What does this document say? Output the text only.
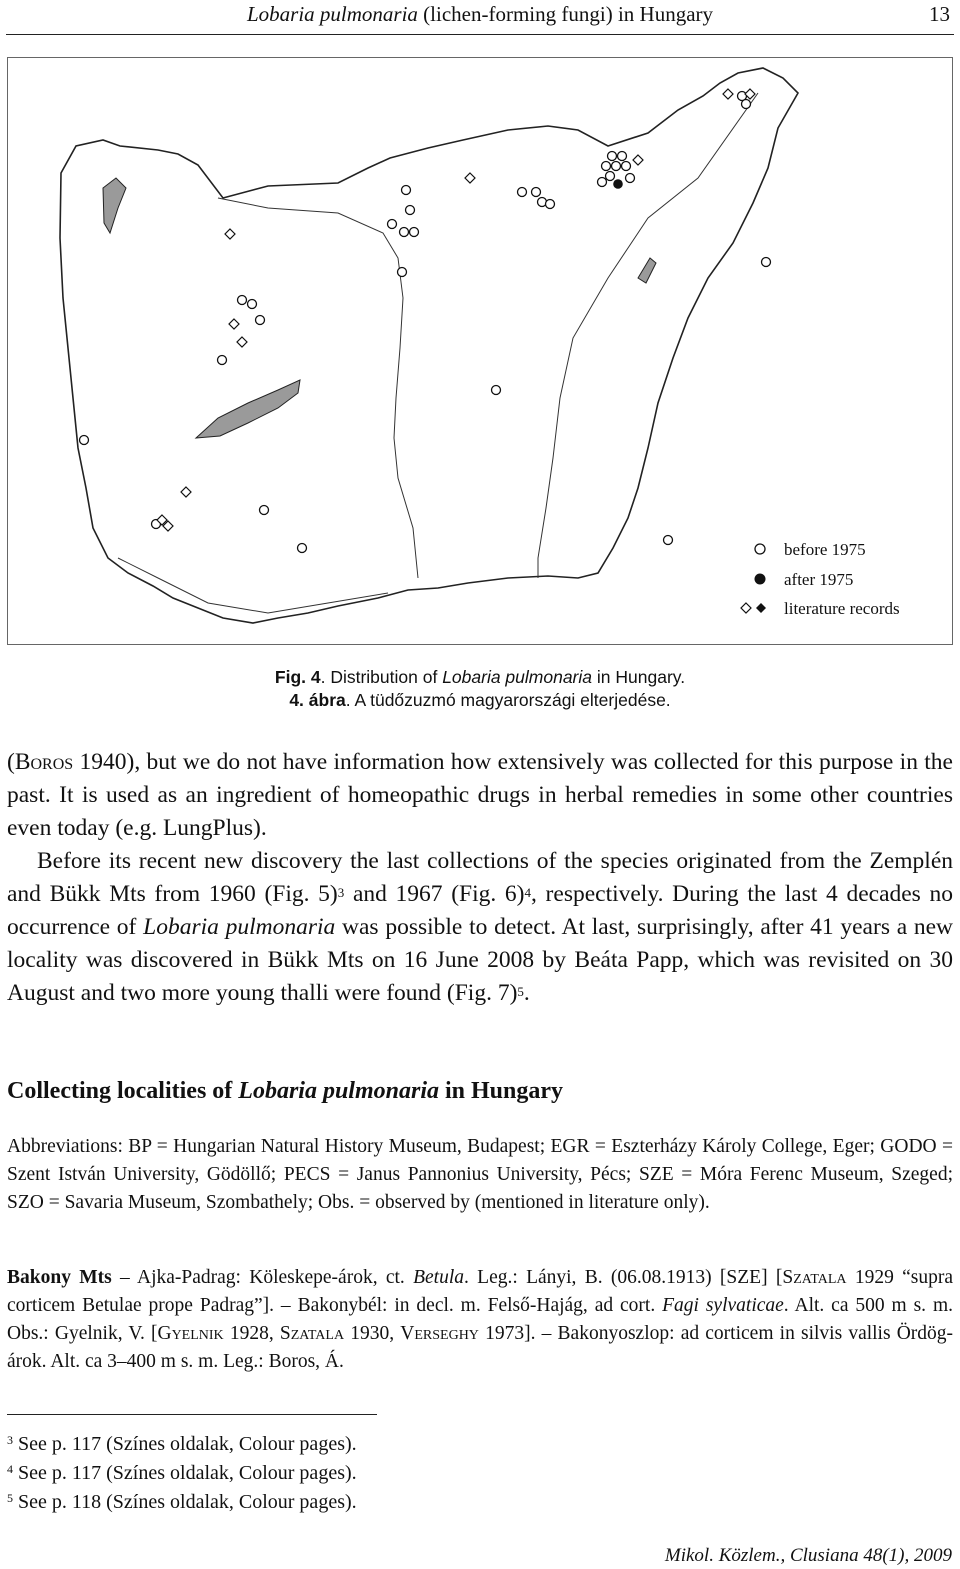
Lobaria pulmonaria (lichen-forming fungi) in Hungary	13
before 1975
after 1975
literature records
Fig. 4. Distribution of Lobaria pulmonaria in Hungary.
4. ábra. A tüdőzuzmó magyarországi elterjedése.

(Boros 1940), but we do not have information how extensively was collected for this purpose in the past. It is used as an ingredient of homeopathic drugs in herbal remedies in some other countries even today (e.g. LungPlus).

Before its recent new discovery the last collections of the species originated from the Zemplén and Bükk Mts from 1960 (Fig. 5)$^3$ and 1967 (Fig. 6)$^4$, respectively. During the last 4 decades no occurrence of Lobaria pulmonaria was possible to detect. At last, surprisingly, after 41 years a new locality was discovered in Bükk Mts on 16 June 2008 by Beáta Papp, which was revisited on 30 August and two more young thalli were found (Fig. 7)$^5$.

Collecting localities of Lobaria pulmonaria in Hungary

Abbreviations: BP = Hungarian Natural History Museum, Budapest; EGR = Eszterházy Károly College, Eger; GODO = Szent István University, Gödöllő; PECS = Janus Pannonius University, Pécs; SZE = Móra Ferenc Museum, Szeged; SZO = Savaria Museum, Szombathely; Obs. = observed by (mentioned in literature only).

Bakony Mts – Ajka-Padrag: Köleskepe-árok, ct. Betula. Leg.: Lányi, B. (06.08.1913) [SZE] [Szatala 1929 “supra corticem Betulae prope Padrag”]. – Bakonybél: in decl. m. Felső-Hajág, ad cort. Fagi sylvaticae. Alt. ca 500 m s. m. Obs.: Gyelnik, V. [Gyelnik 1928, Szatala 1930, Verseghy 1973]. – Bakonyoszlop: ad corticem in silvis vallis Ördög-árok. Alt. ca 3–400 m s. m. Leg.: Boros, Á.

$^3$ See p. 117 (Színes oldalak, Colour pages).
$^4$ See p. 117 (Színes oldalak, Colour pages).
$^5$ See p. 118 (Színes oldalak, Colour pages).
Mikol. Közlem., Clusiana 48(1), 2009
